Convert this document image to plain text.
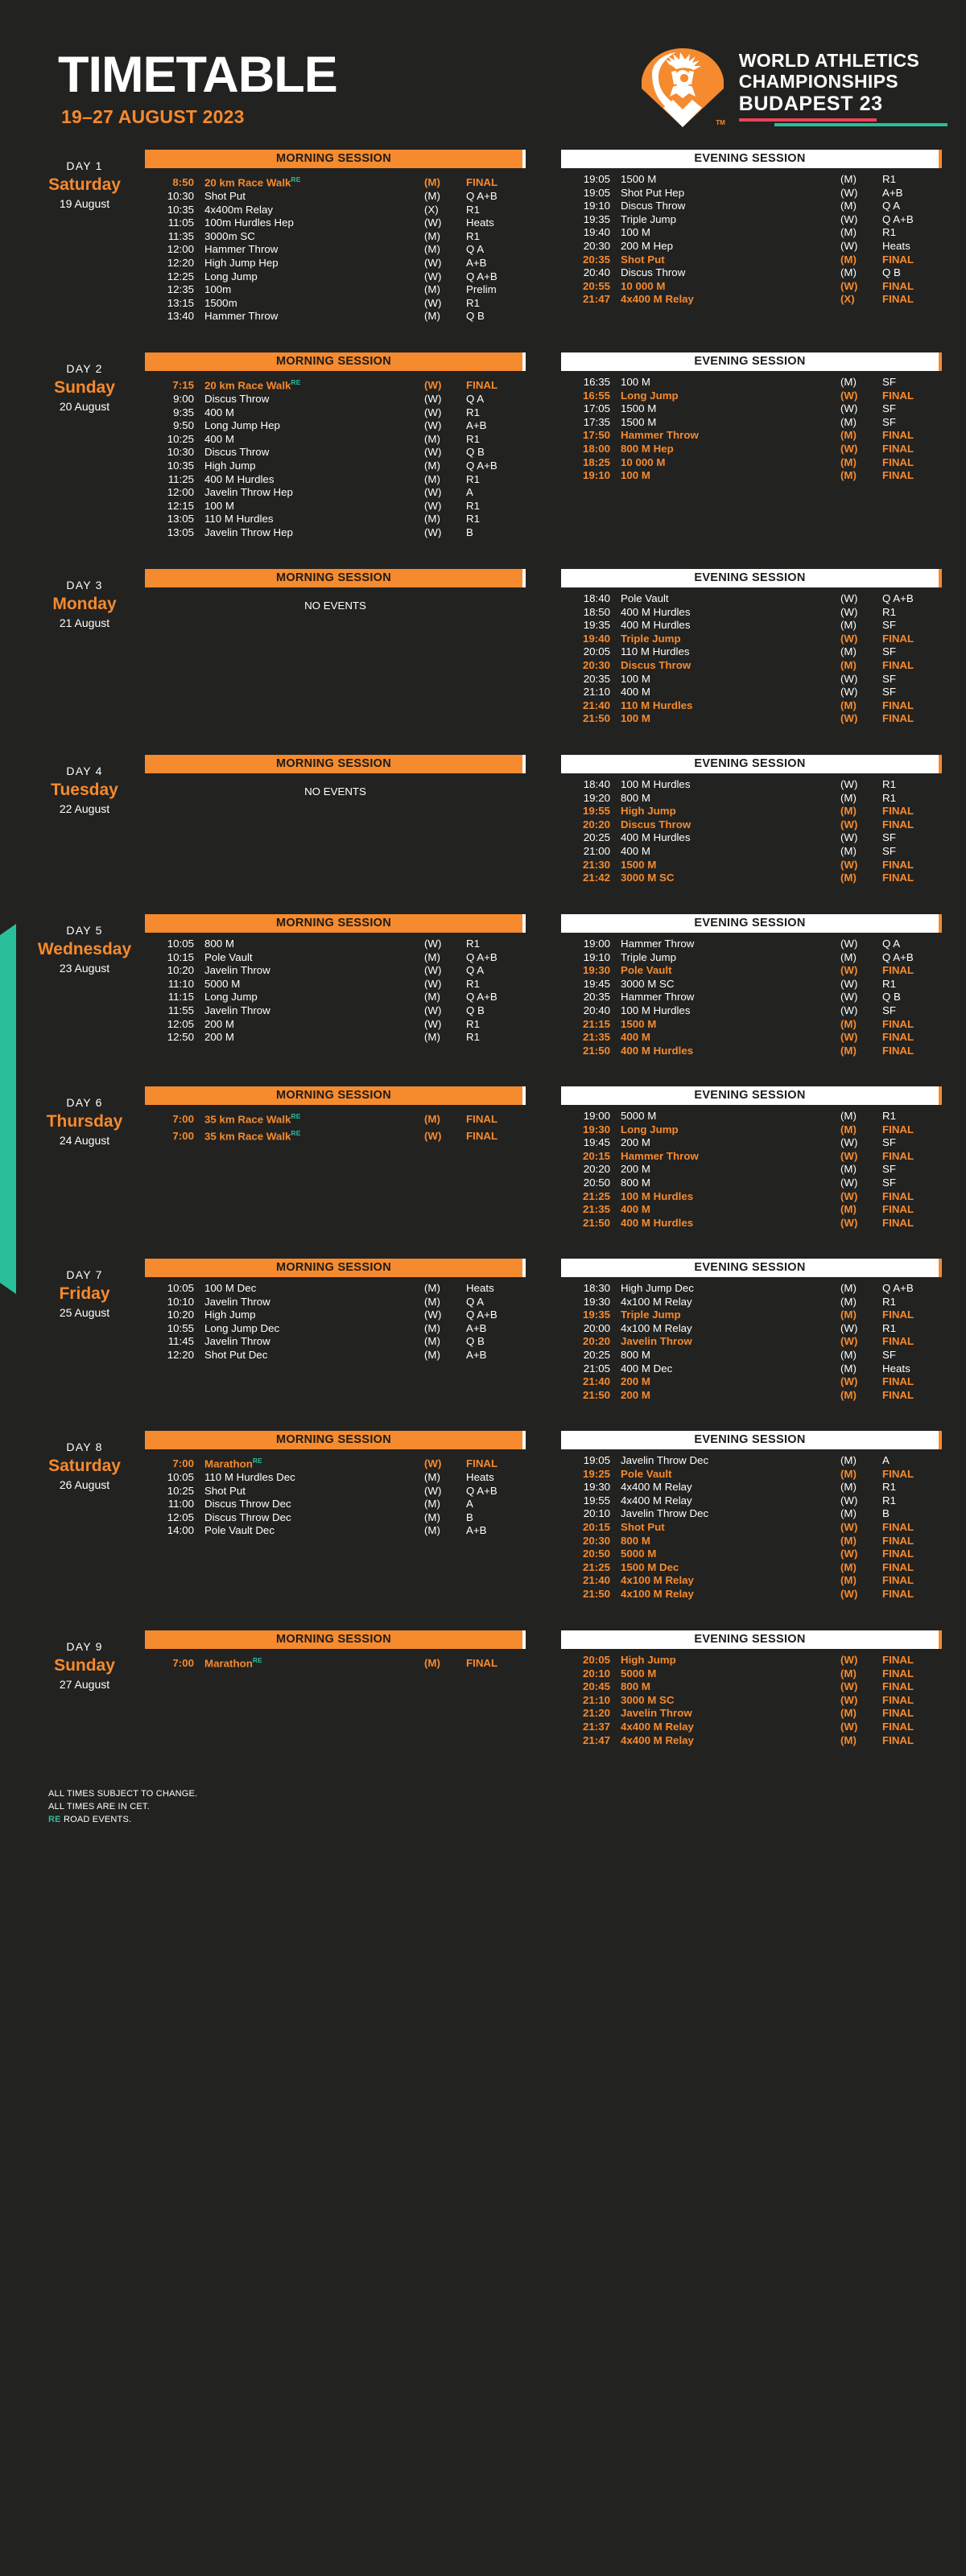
TIMETABLE
19–27 AUGUST 2023	TM
WORLD ATHLETICS
CHAMPIONSHIPS
BUDAPEST 23
DAY 1
Saturday
19 August
MORNING SESSION
8:50 20 km Race Walk$^{RE}$	(M)	FINAL
10:30 Shot Put	(M)	Q A+B
10:35 4x400m Relay	(X)	R1
11:05 100m Hurdles Hep	(W)	Heats
11:35 3000m SC	(M)	R1
12:00 Hammer Throw	(M)	Q A
12:20 High Jump Hep	(W)	A+B
12:25 Long Jump	(W)	Q A+B
12:35 100m	(M)	Prelim
13:15 1500m	(W)	R1
13:40 Hammer Throw	(M)	Q B
EVENING SESSION
19:05 1500 M	(M)	R1
19:05 Shot Put Hep	(W)	A+B
19:10 Discus Throw	(M)	Q A
19:35 Triple Jump	(W)	Q A+B
19:40 100 M	(M)	R1
20:30 200 M Hep	(W)	Heats
20:35 Shot Put	(M)	FINAL
20:40 Discus Throw	(M)	Q B
20:55 10 000 M	(W)	FINAL
21:47 4x400 M Relay	(X)	FINAL
DAY 2
Sunday
20 August
MORNING SESSION
7:15 20 km Race Walk$^{RE}$	(W)	FINAL
9:00 Discus Throw	(W)	Q A
9:35 400 M	(W)	R1
9:50 Long Jump Hep	(W)	A+B
10:25 400 M	(M)	R1
10:30 Discus Throw	(W)	Q B
10:35 High Jump	(M)	Q A+B
11:25 400 M Hurdles	(M)	R1
12:00 Javelin Throw Hep	(W)	A
12:15 100 M	(W)	R1
13:05 110 M Hurdles	(M)	R1
13:05 Javelin Throw Hep	(W)	B
EVENING SESSION
16:35 100 M	(M)	SF
16:55 Long Jump	(W)	FINAL
17:05 1500 M	(W)	SF
17:35 1500 M	(M)	SF
17:50 Hammer Throw	(M)	FINAL
18:00 800 M Hep	(W)	FINAL
18:25 10 000 M	(M)	FINAL
19:10 100 M	(M)	FINAL
DAY 3
Monday
21 August
MORNING SESSION
NO EVENTS
EVENING SESSION
18:40 Pole Vault	(W)	Q A+B
18:50 400 M Hurdles	(W)	R1
19:35 400 M Hurdles	(M)	SF
19:40 Triple Jump	(W)	FINAL
20:05 110 M Hurdles	(M)	SF
20:30 Discus Throw	(M)	FINAL
20:35 100 M	(W)	SF
21:10 400 M	(W)	SF
21:40 110 M Hurdles	(M)	FINAL
21:50 100 M	(W)	FINAL
DAY 4
Tuesday
22 August
MORNING SESSION
NO EVENTS
EVENING SESSION
18:40 100 M Hurdles	(W)	R1
19:20 800 M	(M)	R1
19:55 High Jump	(M)	FINAL
20:20 Discus Throw	(W)	FINAL
20:25 400 M Hurdles	(W)	SF
21:00 400 M	(M)	SF
21:30 1500 M	(W)	FINAL
21:42 3000 M SC	(M)	FINAL
DAY 5
Wednesday
23 August
MORNING SESSION
10:05 800 M	(W)	R1
10:15 Pole Vault	(M)	Q A+B
10:20 Javelin Throw	(W)	Q A
11:10 5000 M	(W)	R1
11:15 Long Jump	(M)	Q A+B
11:55 Javelin Throw	(W)	Q B
12:05 200 M	(W)	R1
12:50 200 M	(M)	R1
EVENING SESSION
19:00 Hammer Throw	(W)	Q A
19:10 Triple Jump	(M)	Q A+B
19:30 Pole Vault	(W)	FINAL
19:45 3000 M SC	(W)	R1
20:35 Hammer Throw	(W)	Q B
20:40 100 M Hurdles	(W)	SF
21:15 1500 M	(M)	FINAL
21:35 400 M	(W)	FINAL
21:50 400 M Hurdles	(M)	FINAL
DAY 6
Thursday
24 August
MORNING SESSION
7:00 35 km Race Walk$^{RE}$	(M)	FINAL
7:00 35 km Race Walk$^{RE}$	(W)	FINAL
EVENING SESSION
19:00 5000 M	(M)	R1
19:30 Long Jump	(M)	FINAL
19:45 200 M	(W)	SF
20:15 Hammer Throw	(W)	FINAL
20:20 200 M	(M)	SF
20:50 800 M	(W)	SF
21:25 100 M Hurdles	(W)	FINAL
21:35 400 M	(M)	FINAL
21:50 400 M Hurdles	(W)	FINAL
DAY 7
Friday
25 August
MORNING SESSION
10:05 100 M Dec	(M)	Heats
10:10 Javelin Throw	(M)	Q A
10:20 High Jump	(W)	Q A+B
10:55 Long Jump Dec	(M)	A+B
11:45 Javelin Throw	(M)	Q B
12:20 Shot Put Dec	(M)	A+B
EVENING SESSION
18:30 High Jump Dec	(M)	Q A+B
19:30 4x100 M Relay	(M)	R1
19:35 Triple Jump	(M)	FINAL
20:00 4x100 M Relay	(W)	R1
20:20 Javelin Throw	(W)	FINAL
20:25 800 M	(M)	SF
21:05 400 M Dec	(M)	Heats
21:40 200 M	(W)	FINAL
21:50 200 M	(M)	FINAL
DAY 8
Saturday
26 August
MORNING SESSION
7:00 Marathon$^{RE}$	(W)	FINAL
10:05 110 M Hurdles Dec	(M)	Heats
10:25 Shot Put	(W)	Q A+B
11:00 Discus Throw Dec	(M)	A
12:05 Discus Throw Dec	(M)	B
14:00 Pole Vault Dec	(M)	A+B
EVENING SESSION
19:05 Javelin Throw Dec	(M)	A
19:25 Pole Vault	(M)	FINAL
19:30 4x400 M Relay	(M)	R1
19:55 4x400 M Relay	(W)	R1
20:10 Javelin Throw Dec	(M)	B
20:15 Shot Put	(W)	FINAL
20:30 800 M	(M)	FINAL
20:50 5000 M	(W)	FINAL
21:25 1500 M Dec	(M)	FINAL
21:40 4x100 M Relay	(M)	FINAL
21:50 4x100 M Relay	(W)	FINAL
DAY 9
Sunday
27 August
MORNING SESSION
7:00 Marathon$^{RE}$	(M)	FINAL
EVENING SESSION
20:05 High Jump	(W)	FINAL
20:10 5000 M	(M)	FINAL
20:45 800 M	(W)	FINAL
21:10 3000 M SC	(W)	FINAL
21:20 Javelin Throw	(M)	FINAL
21:37 4x400 M Relay	(W)	FINAL
21:47 4x400 M Relay	(M)	FINAL
ALL TIMES SUBJECT TO CHANGE.
ALL TIMES ARE IN CET.
RE ROAD EVENTS.
